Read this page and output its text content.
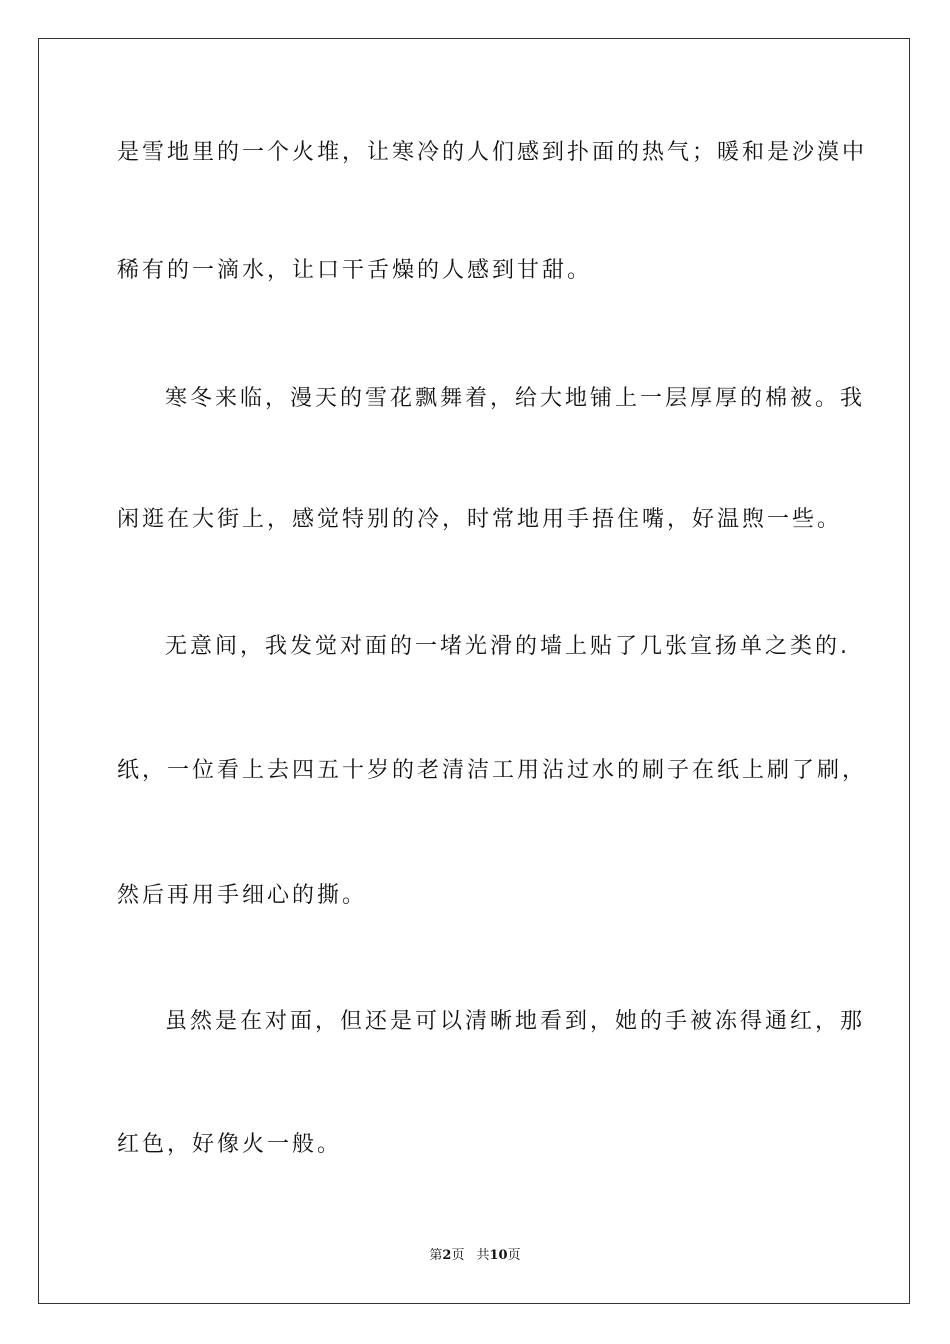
是雪地里的一个火堆，让寒冷的人们感到扑面的热气；暖和是沙漠中
稀有的一滴水，让口干舌燥的人感到甘甜。
寒冬来临，漫天的雪花飘舞着，给大地铺上一层厚厚的棉被。我
闲逛在大街上，感觉特别的冷，时常地用手捂住嘴，好温煦一些。
无意间，我发觉对面的一堵光滑的墙上贴了几张宣扬单之类的.
纸，一位看上去四五十岁的老清洁工用沾过水的刷子在纸上刷了刷，
然后再用手细心的撕。
虽然是在对面，但还是可以清晰地看到，她的手被冻得通红，那
红色，好像火一般。
第2页 共10页
